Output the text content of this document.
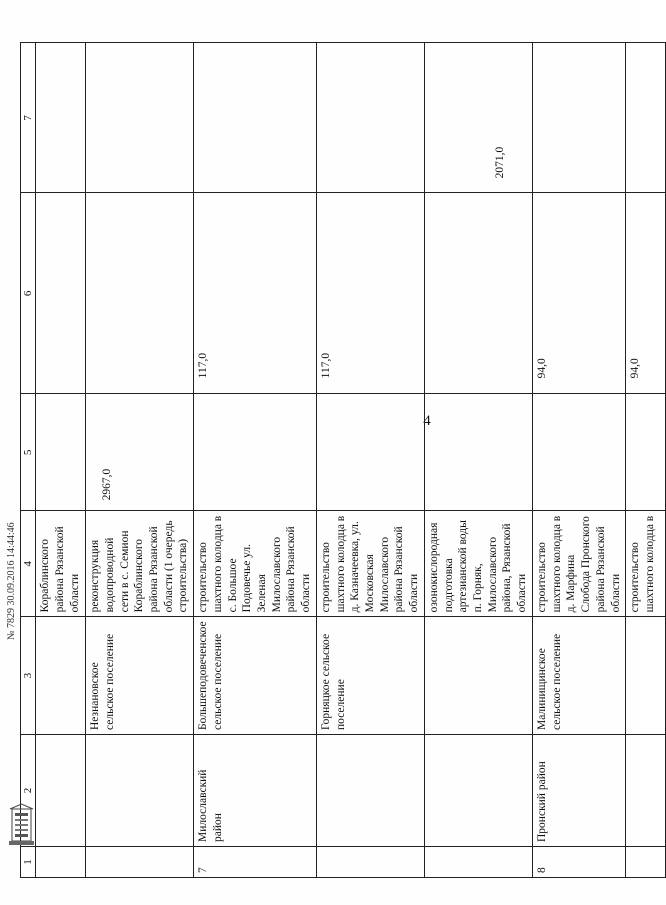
4
1	2	3	4	5	6	7
			Кораблинского района Рязанской области			
		Незнановское сельское поселение	реконструкция водопроводной сети в с. Семион Кораблинского района Рязанской области (1 очередь строительства)	2967,0		

7	Милославский район	Большеподовеченское сельское поселение	строительство шахтного колодца в с. Большое Подовечье ул. Зеленая Милославского района Рязанской области		117,0	

		Горняцкое сельское поселение	строительство шахтного колодца в д. Казначеевка, ул. Московская Милославского района Рязанской области		117,0	

			озонокислородная подготовка артезианской воды п. Горняк, Милославского района, Рязанской области			2071,0

8	Пронский район	Малинищинское сельское поселение	строительство шахтного колодца в д. Марфина Слобода Пронского района Рязанской области		94,0	

			строительство шахтного колодца в		94,0	

№ 7829 30.09.2016 14:44:46
